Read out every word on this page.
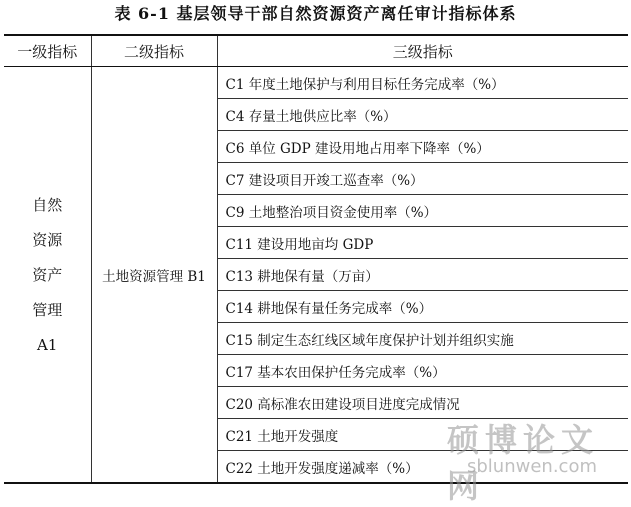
表 6-1 基层领导干部自然资源资产离任审计指标体系
一级指标	二级指标	三级指标

自然
资源
资产
管理
A1	土地资源管理 B1	C1 年度土地保护与利用目标任务完成率（%）
		C4 存量土地供应比率（%）
		C6 单位 GDP 建设用地占用率下降率（%）
		C7 建设项目开竣工巡查率（%）
		C9 土地整治项目资金使用率（%）
		C11 建设用地亩均 GDP
		C13 耕地保有量（万亩）
		C14 耕地保有量任务完成率（%）
		C15 制定生态红线区域年度保护计划并组织实施
		C17 基本农田保护任务完成率（%）
		C20 高标准农田建设项目进度完成情况
		C21 土地开发强度
		C22 土地开发强度递减率（%）
硕博论文网
sblunwen.com
